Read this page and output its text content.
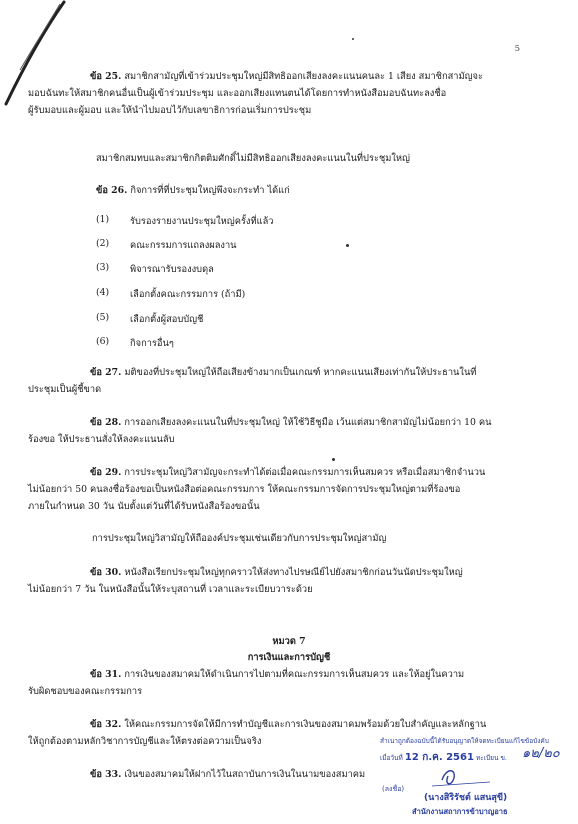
5
ข้อ 25. สมาชิกสามัญที่เข้าร่วมประชุมใหญ่มีสิทธิออกเสียงลงคะแนนคนละ 1 เสียง สมาชิกสามัญจะ
มอบฉันทะให้สมาชิกคนอื่นเป็นผู้เข้าร่วมประชุม และออกเสียงแทนตนได้โดยการทำหนังสือมอบฉันทะลงชื่อ
ผู้รับมอบและผู้มอบ และให้นำไปมอบไว้กับเลขาธิการก่อนเริ่มการประชุม
สมาชิกสมทบและสมาชิกกิตติมศักดิ์ไม่มีสิทธิออกเสียงลงคะแนนในที่ประชุมใหญ่
ข้อ 26. กิจการที่ที่ประชุมใหญ่พึงจะกระทำ ได้แก่
(1) รับรองรายงานประชุมใหญ่ครั้งที่แล้ว
(2) คณะกรรมการแถลงผลงาน
(3) พิจารณารับรองงบดุล
(4) เลือกตั้งคณะกรรมการ (ถ้ามี)
(5) เลือกตั้งผู้สอบบัญชี
(6) กิจการอื่นๆ
ข้อ 27. มติของที่ประชุมใหญ่ให้ถือเสียงข้างมากเป็นเกณฑ์ หากคะแนนเสียงเท่ากันให้ประธานในที่
ประชุมเป็นผู้ชี้ขาด
ข้อ 28. การออกเสียงลงคะแนนในที่ประชุมใหญ่ ให้ใช้วิธีชูมือ เว้นแต่สมาชิกสามัญไม่น้อยกว่า 10 คน
ร้องขอ ให้ประธานสั่งให้ลงคะแนนลับ
ข้อ 29. การประชุมใหญ่วิสามัญจะกระทำได้ต่อเมื่อคณะกรรมการเห็นสมควร หรือเมื่อสมาชิกจำนวน
ไม่น้อยกว่า 50 คนลงชื่อร้องขอเป็นหนังสือต่อคณะกรรมการ ให้คณะกรรมการจัดการประชุมใหญ่ตามที่ร้องขอ
ภายในกำหนด 30 วัน นับตั้งแต่วันที่ได้รับหนังสือร้องขอนั้น
การประชุมใหญ่วิสามัญให้ถือองค์ประชุมเช่นเดียวกับการประชุมใหญ่สามัญ
ข้อ 30. หนังสือเรียกประชุมใหญ่ทุกคราวให้ส่งทางไปรษณีย์ไปยังสมาชิกก่อนวันนัดประชุมใหญ่
ไม่น้อยกว่า 7 วัน ในหนังสือนั้นให้ระบุสถานที่ เวลาและระเบียบวาระด้วย
หมวด 7
การเงินและการบัญชี
ข้อ 31. การเงินของสมาคมให้ดำเนินการไปตามที่คณะกรรมการเห็นสมควร และให้อยู่ในความ
รับผิดชอบของคณะกรรมการ
ข้อ 32. ให้คณะกรรมการจัดให้มีการทำบัญชีและการเงินของสมาคมพร้อมด้วยใบสำคัญและหลักฐาน
ให้ถูกต้องตามหลักวิชาการบัญชีและให้ตรงต่อความเป็นจริง
ข้อ 33. เงินของสมาคมให้ฝากไว้ในสถาบันการเงินในนามของสมาคม
สำเนาถูกต้องฉบับนี้ได้รับอนุญาตให้จดทะเบียนแก้ไขข้อบังคับ
เมื่อวันที่ 12 ก.ค. 2561 ทะเบียน ข. ๑๒/๒๐
(ลงชื่อ)
(นางสิริรัชต์ แสนสุขี)
สำนักงานสถาการข้าบาญอาธ
